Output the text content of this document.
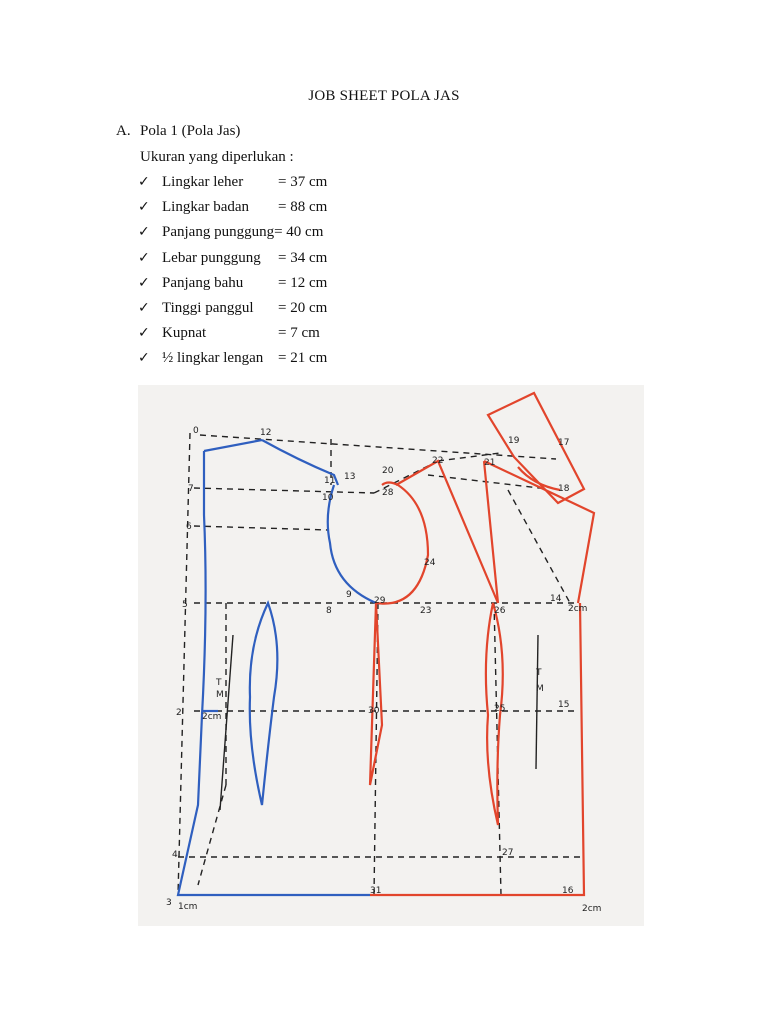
JOB SHEET POLA JAS
A. Pola 1 (Pola Jas)
Ukuran yang diperlukan :
✓ Lingkar leher = 37 cm
✓ Lingkar badan = 88 cm
✓ Panjang punggung= 40 cm
✓ Lebar punggung = 34 cm
✓ Panjang bahu = 12 cm
✓ Tinggi panggul = 20 cm
✓ Kupnat	= 7 cm
✓ ½ lingkar lengan = 21 cm
0	12
7
6
5
2
4
3 1cm
11 13
10
20
22
28
8
29
24
23
21
17
19
18
14
15
26
25
27
31	16
2cm
2cm
2cm
30
9
T
M
T
M
